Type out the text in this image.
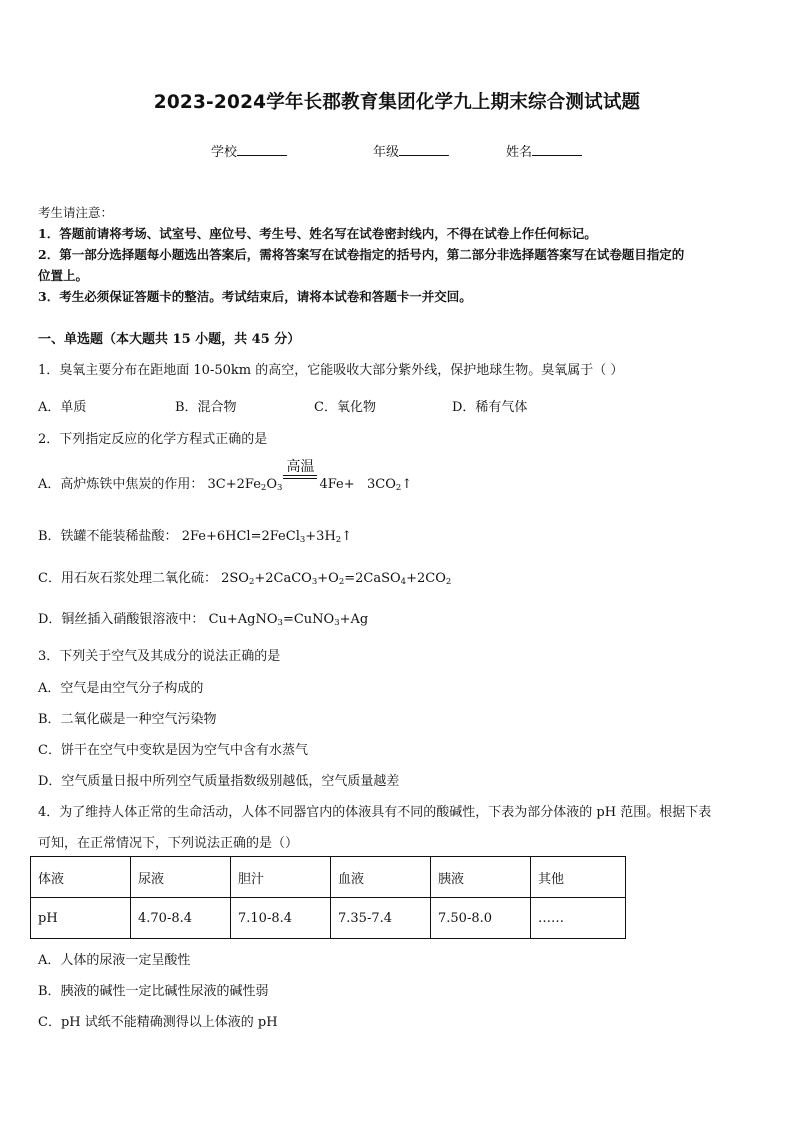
2023-2024学年长郡教育集团化学九上期末综合测试试题
学校	年级	姓名
考生请注意：
1．答题前请将考场、试室号、座位号、考生号、姓名写在试卷密封线内，不得在试卷上作任何标记。
2．第一部分选择题每小题选出答案后，需将答案写在试卷指定的括号内，第二部分非选择题答案写在试卷题目指定的
位置上。
3．考生必须保证答题卡的整洁。考试结束后，请将本试卷和答题卡一并交回。
一、单选题（本大题共 15 小题，共 45 分）
1．臭氧主要分布在距地面 10-50km 的高空，它能吸收大部分紫外线，保护地球生物。臭氧属于（ ）
A．单质	B．混合物	C．氧化物	D．稀有气体
2．下列指定反应的化学方程式正确的是
A．高炉炼铁中焦炭的作用： $3C+2Fe_2O_3$
高温
$4Fe+ 3CO_2↑$
B．铁罐不能装稀盐酸： $2Fe+6HCl=2FeCl_3+3H_2↑$
C．用石灰石浆处理二氧化硫： $2SO_2+2CaCO_3+O_2=2CaSO_4+2CO_2$
D．铜丝插入硝酸银溶液中： Cu+AgNO$_3$=CuNO$_3$+Ag
3．下列关于空气及其成分的说法正确的是
A．空气是由空气分子构成的
B．二氧化碳是一种空气污染物
C．饼干在空气中变软是因为空气中含有水蒸气
D．空气质量日报中所列空气质量指数级别越低，空气质量越差
4．为了维持人体正常的生命活动，人体不同器官内的体液具有不同的酸碱性，下表为部分体液的 pH 范围。根据下表
可知，在正常情况下，下列说法正确的是（）
体液	尿液	胆汁	血液	胰液	其他
pH	4.70-8.4	7.10-8.4	7.35-7.4	7.50-8.0	……
A．人体的尿液一定呈酸性
B．胰液的碱性一定比碱性尿液的碱性弱
C．pH 试纸不能精确测得以上体液的 pH
